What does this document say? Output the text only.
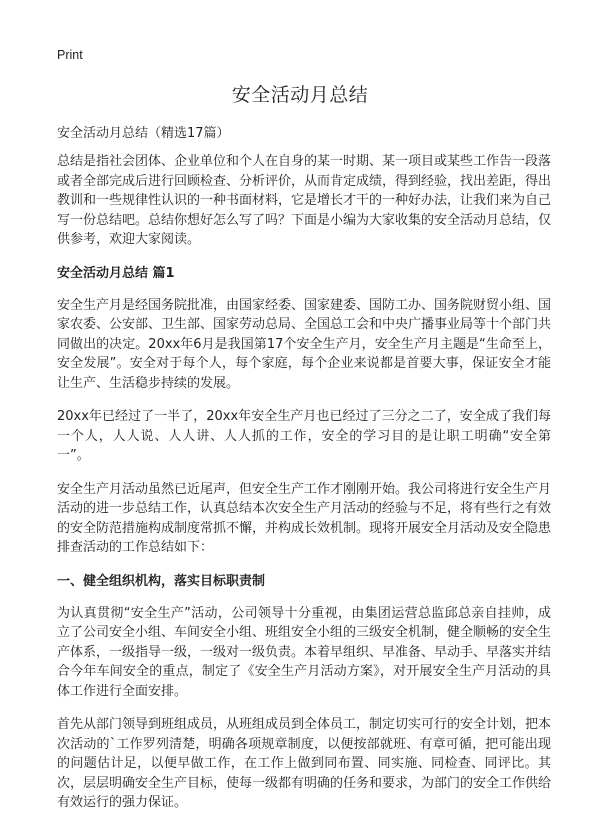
Print
安全活动月总结

安全活动月总结（精选17篇）

总结是指社会团体、企业单位和个人在自身的某一时期、某一项目或某些工作告一段落或者全部完成后进行回顾检查、分析评价，从而肯定成绩，得到经验，找出差距，得出教训和一些规律性认识的一种书面材料，它是增长才干的一种好办法，让我们来为自己写一份总结吧。总结你想好怎么写了吗？下面是小编为大家收集的安全活动月总结，仅供参考，欢迎大家阅读。

安全活动月总结 篇1

安全生产月是经国务院批准，由国家经委、国家建委、国防工办、国务院财贸小组、国家农委、公安部、卫生部、国家劳动总局、全国总工会和中央广播事业局等十个部门共同做出的决定。20xx年6月是我国第17个安全生产月，安全生产月主题是“生命至上，安全发展”。安全对于每个人，每个家庭，每个企业来说都是首要大事，保证安全才能让生产、生活稳步持续的发展。

20xx年已经过了一半了，20xx年安全生产月也已经过了三分之二了，安全成了我们每一个人，人人说、人人讲、人人抓的工作，安全的学习目的是让职工明确“安全第一”。

安全生产月活动虽然已近尾声，但安全生产工作才刚刚开始。我公司将进行安全生产月活动的进一步总结工作，认真总结本次安全生产月活动的经验与不足，将有些行之有效的安全防范措施构成制度常抓不懈，并构成长效机制。现将开展安全月活动及安全隐患排查活动的工作总结如下：

一、健全组织机构，落实目标职责制

为认真贯彻“安全生产”活动，公司领导十分重视，由集团运营总监邱总亲自挂帅，成立了公司安全小组、车间安全小组、班组安全小组的三级安全机制，健全顺畅的安全生产体系，一级指导一级，一级对一级负责。本着早组织、早准备、早动手、早落实并结合今年车间安全的重点，制定了《安全生产月活动方案》，对开展安全生产月活动的具体工作进行全面安排。

首先从部门领导到班组成员，从班组成员到全体员工，制定切实可行的安全计划，把本次活动的`工作罗列清楚，明确各项规章制度，以便按部就班、有章可循，把可能出现的问题估计足，以便早做工作，在工作上做到同布置、同实施、同检查、同评比。其次，层层明确安全生产目标，使每一级都有明确的任务和要求，为部门的安全工作供给有效运行的强力保证。
